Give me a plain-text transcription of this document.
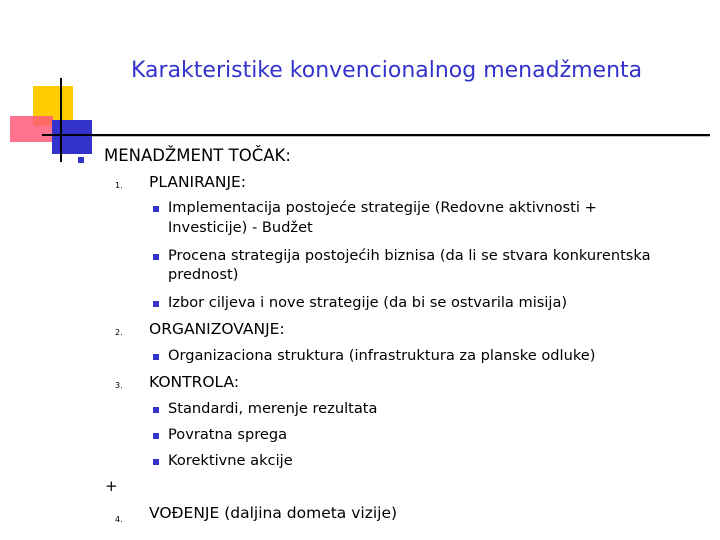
Karakteristike konvencionalnog menadžmenta
MENADŽMENT TOČAK:
1. PLANIRANJE:
Implementacija postojeće strategije (Redovne aktivnosti +
Investicije) - Budžet
Procena strategija postojećih biznisa (da li se stvara konkurentska
prednost)
Izbor ciljeva i nove strategije (da bi se ostvarila misija)
2. ORGANIZOVANJE:
Organizaciona struktura (infrastruktura za planske odluke)
3. KONTROLA:
Standardi, merenje rezultata
Povratna sprega
Korektivne akcije
+
4. VOĐENJE (daljina dometa vizije)
